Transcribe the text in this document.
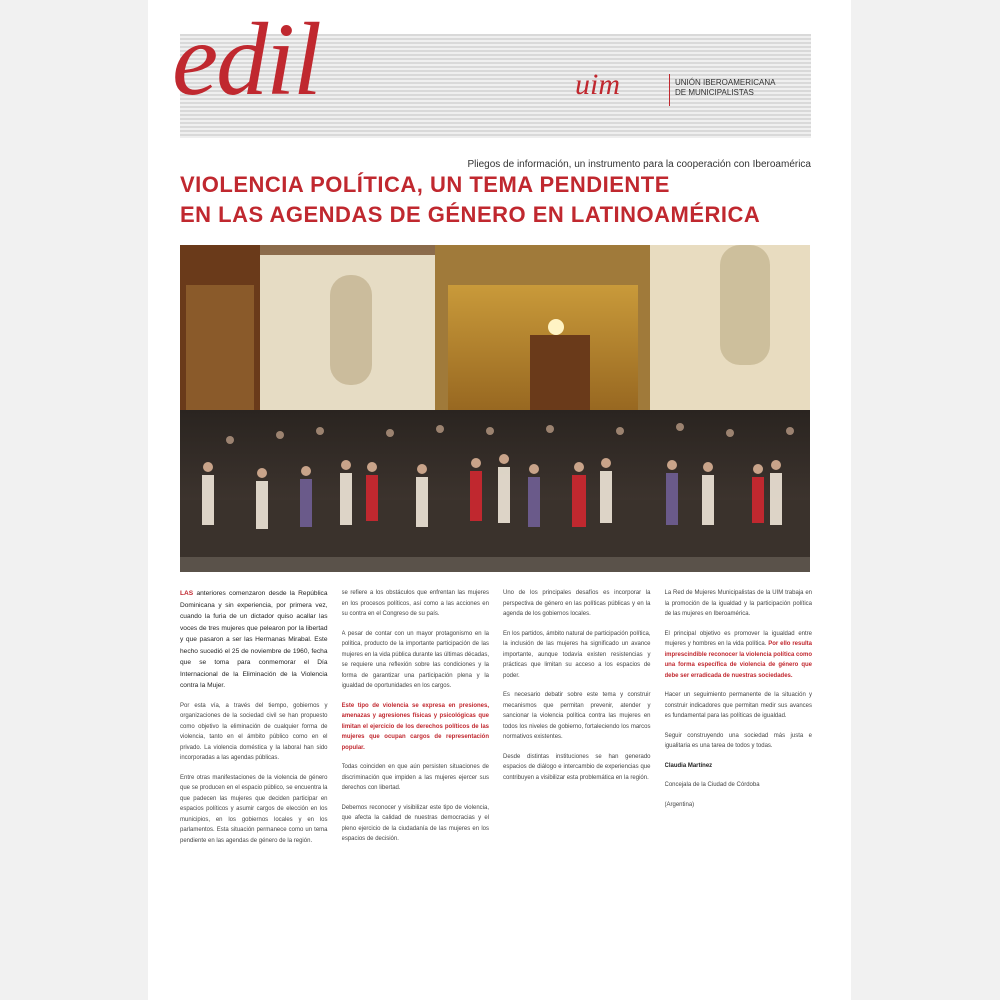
edil	uim	UNIÓN IBEROAMERICANA
DE MUNICIPALISTAS
Pliegos de información, un instrumento para la cooperación con Iberoamérica
VIOLENCIA POLÍTICA, UN TEMA PENDIENTE
EN LAS AGENDAS DE GÉNERO EN LATINOAMÉRICA

LAS anteriores comenzaron desde la República Dominicana y sin experiencia, por primera vez, cuando la furia de un dictador quiso acallar las voces de tres mujeres que pelearon por la libertad y que pasaron a ser las Hermanas Mirabal. Este hecho sucedió el 25 de noviembre de 1960, fecha que se toma para conmemorar el Día Internacional de la Eliminación de la Violencia contra la Mujer.

Por esta vía, a través del tiempo, gobiernos y organizaciones de la sociedad civil se han propuesto como objetivo la eliminación de cualquier forma de violencia, tanto en el ámbito público como en el privado. La violencia doméstica y la laboral han sido incorporadas a las agendas públicas.

Entre otras manifestaciones de la violencia de género que se producen en el espacio público, se encuentra la que padecen las mujeres que deciden participar en espacios políticos y asumir cargos de elección en los municipios, en los gobiernos locales y en los parlamentos. Esta situación permanece como un tema pendiente en las agendas de género de la región.

se refiere a los obstáculos que enfrentan las mujeres en los procesos políticos, así como a las acciones en su contra en el Congreso de su país.

A pesar de contar con un mayor protagonismo en la política, producto de la importante participación de las mujeres en la vida pública durante las últimas décadas, se requiere una reflexión sobre las condiciones y la forma de garantizar una participación plena y la igualdad de oportunidades en los cargos.

Este tipo de violencia se expresa en presiones, amenazas y agresiones físicas y psicológicas que limitan el ejercicio de los derechos políticos de las mujeres que ocupan cargos de representación popular.

Todas coinciden en que aún persisten situaciones de discriminación que impiden a las mujeres ejercer sus derechos con libertad.

Debemos reconocer y visibilizar este tipo de violencia, que afecta la calidad de nuestras democracias y el pleno ejercicio de la ciudadanía de las mujeres en los espacios de decisión.

Uno de los principales desafíos es incorporar la perspectiva de género en las políticas públicas y en la agenda de los gobiernos locales.

En los partidos, ámbito natural de participación política, la inclusión de las mujeres ha significado un avance importante, aunque todavía existen resistencias y prácticas que limitan su acceso a los espacios de poder.

Es necesario debatir sobre este tema y construir mecanismos que permitan prevenir, atender y sancionar la violencia política contra las mujeres en todos los niveles de gobierno, fortaleciendo los marcos normativos existentes.

Desde distintas instituciones se han generado espacios de diálogo e intercambio de experiencias que contribuyen a visibilizar esta problemática en la región.

La Red de Mujeres Municipalistas de la UIM trabaja en la promoción de la igualdad y la participación política de las mujeres en Iberoamérica.

El principal objetivo es promover la igualdad entre mujeres y hombres en la vida política. Por ello resulta imprescindible reconocer la violencia política como una forma específica de violencia de género que debe ser erradicada de nuestras sociedades.

Hacer un seguimiento permanente de la situación y construir indicadores que permitan medir sus avances es fundamental para las políticas de igualdad.

Seguir construyendo una sociedad más justa e igualitaria es una tarea de todos y todas.

Claudia Martínez

Concejala de la Ciudad de Córdoba

(Argentina)
